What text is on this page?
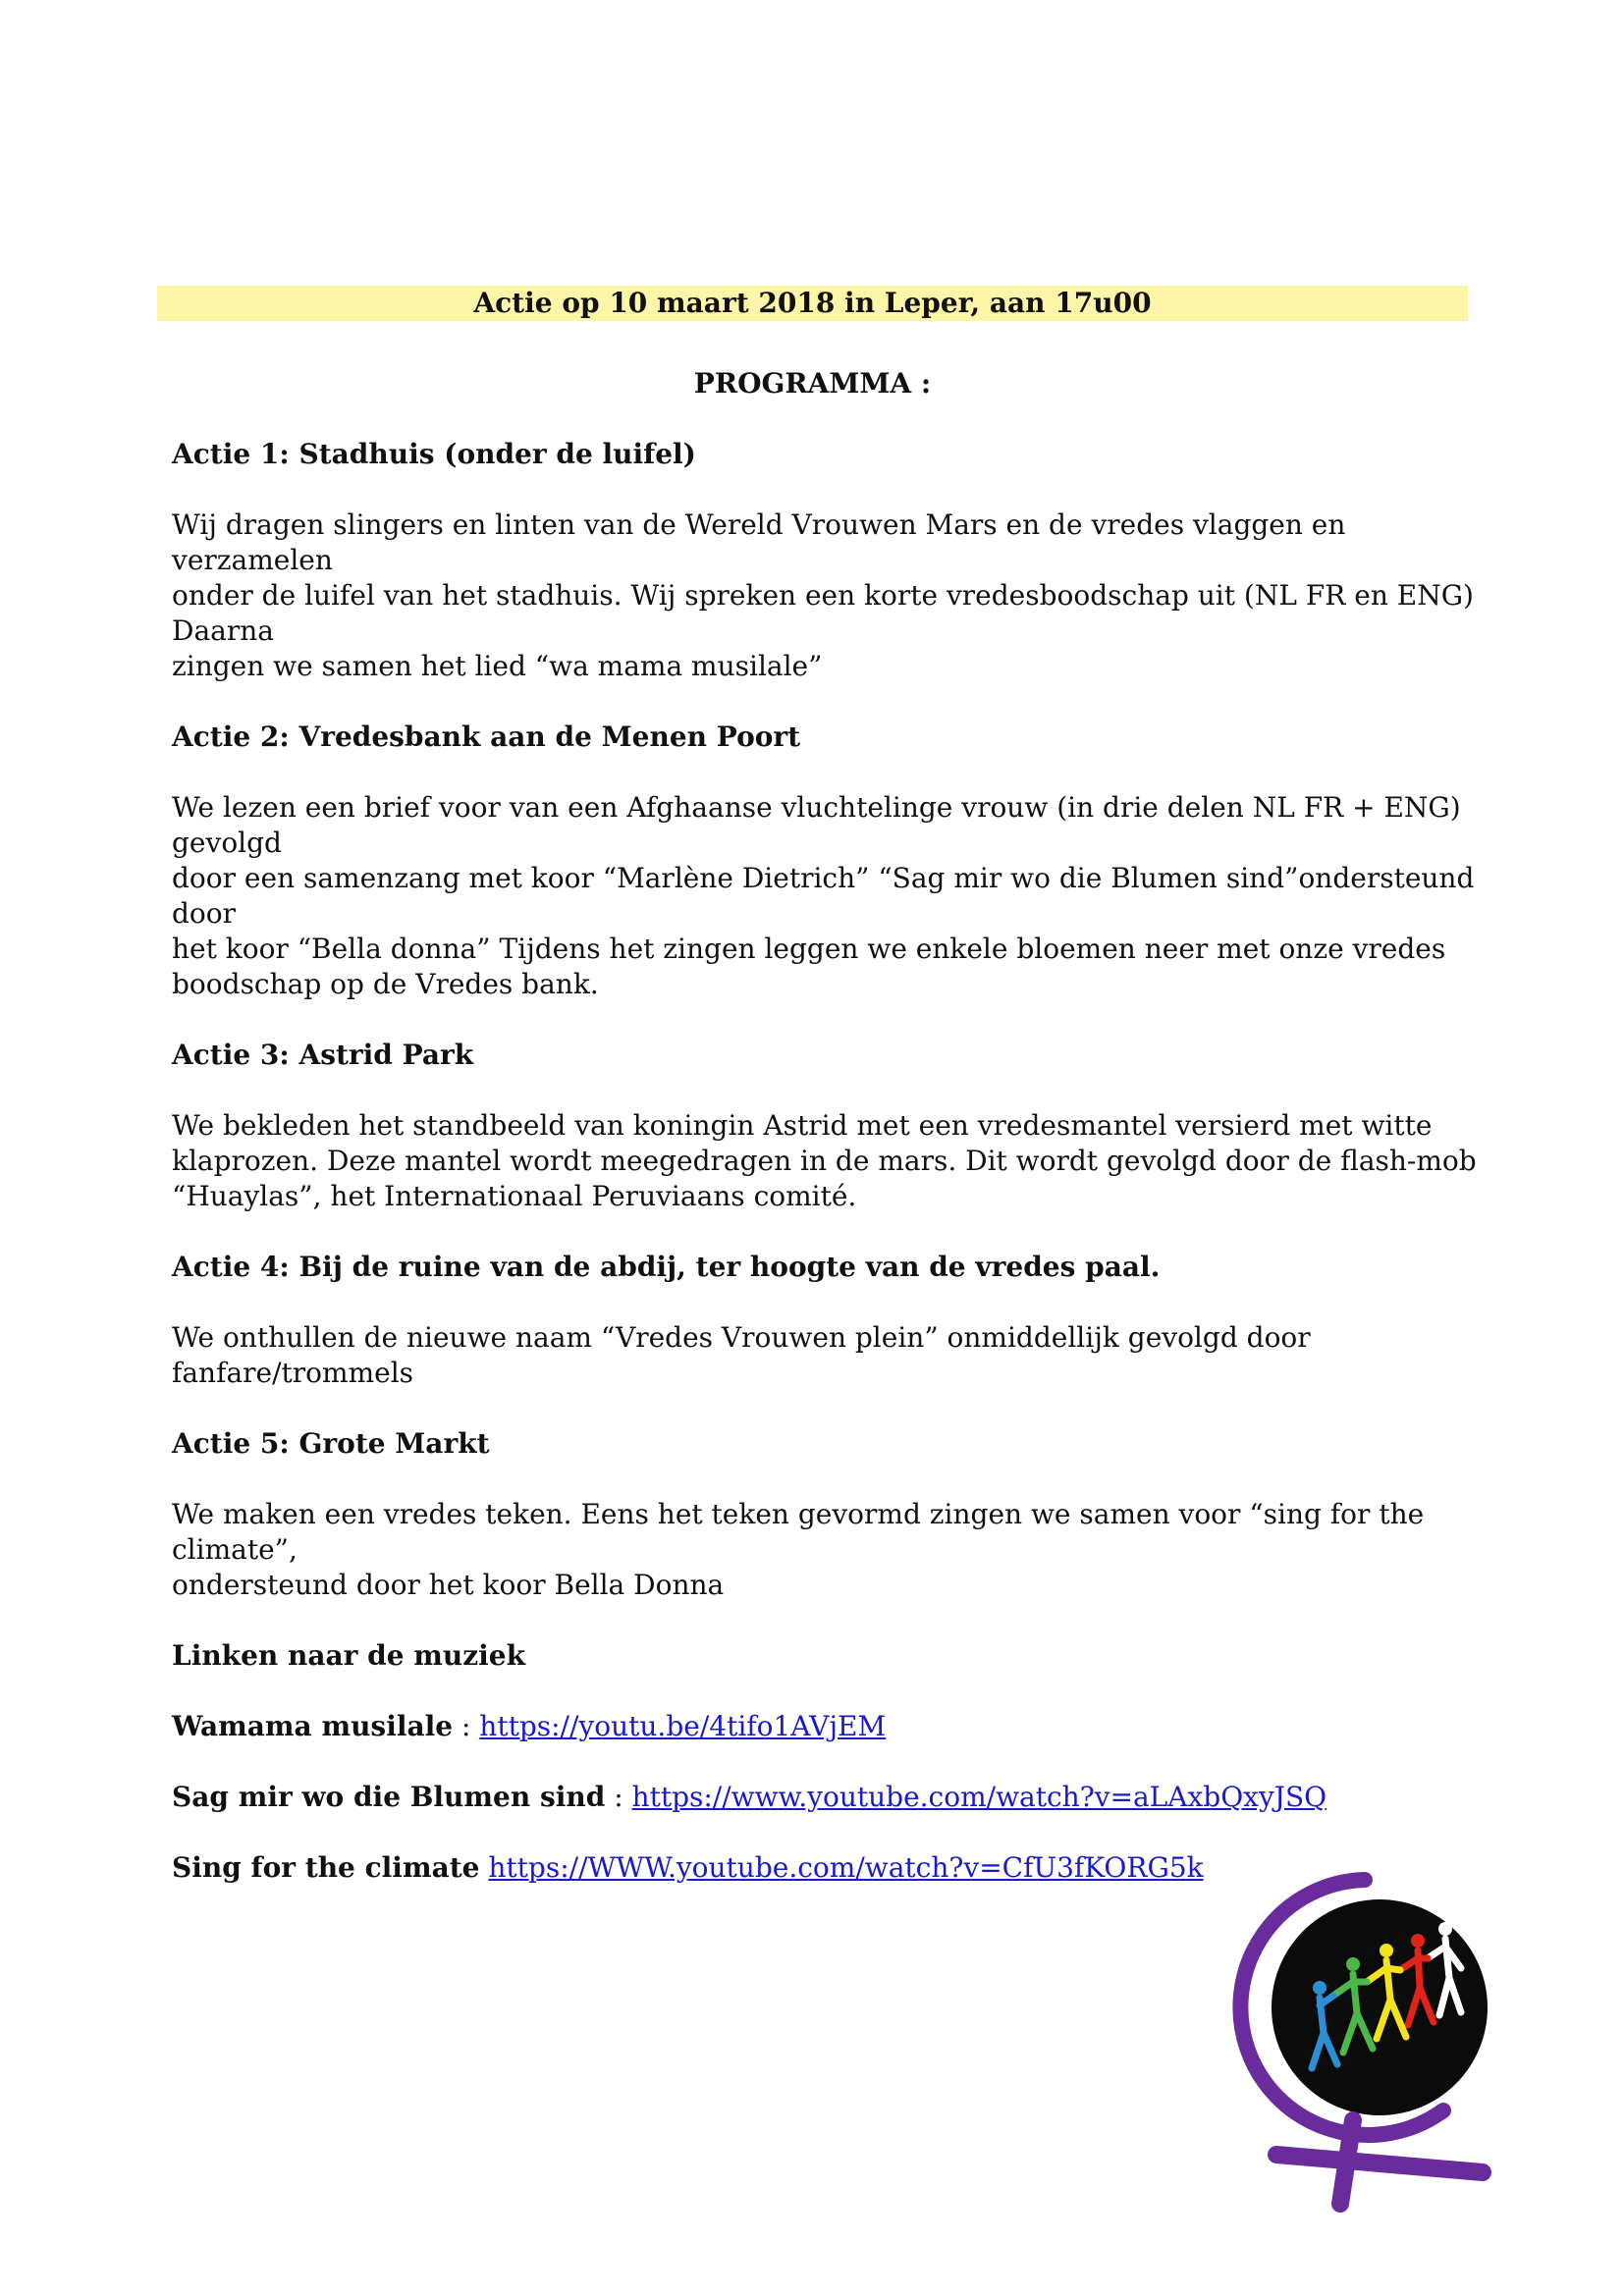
Actie op 10 maart 2018 in Leper, aan 17u00
PROGRAMMA :
Actie 1: Stadhuis (onder de luifel)
Wij dragen slingers en linten van de Wereld Vrouwen Mars en de vredes vlaggen en verzamelen
onder de luifel van het stadhuis. Wij spreken een korte vredesboodschap uit (NL FR en ENG) Daarna
zingen we samen het lied “wa mama musilale”
Actie 2: Vredesbank aan de Menen Poort
We lezen een brief voor van een Afghaanse vluchtelinge vrouw (in drie delen NL FR + ENG) gevolgd
door een samenzang met koor “Marlène Dietrich” “Sag mir wo die Blumen sind”ondersteund door
het koor “Bella donna” Tijdens het zingen leggen we enkele bloemen neer met onze vredes
boodschap op de Vredes bank.
Actie 3: Astrid Park
We bekleden het standbeeld van koningin Astrid met een vredesmantel versierd met witte
klaprozen. Deze mantel wordt meegedragen in de mars. Dit wordt gevolgd door de flash-mob
“Huaylas”, het Internationaal Peruviaans comité.
Actie 4: Bij de ruine van de abdij, ter hoogte van de vredes paal.
We onthullen de nieuwe naam “Vredes Vrouwen plein” onmiddellijk gevolgd door fanfare/trommels
Actie 5: Grote Markt
We maken een vredes teken. Eens het teken gevormd zingen we samen voor “sing for the climate”,
ondersteund door het koor Bella Donna
Linken naar de muziek
Wamama musilale : https://youtu.be/4tifo1AVjEM
Sag mir wo die Blumen sind : https://www.youtube.com/watch?v=aLAxbQxyJSQ
Sing for the climate https://WWW.youtube.com/watch?v=CfU3fKORG5k
